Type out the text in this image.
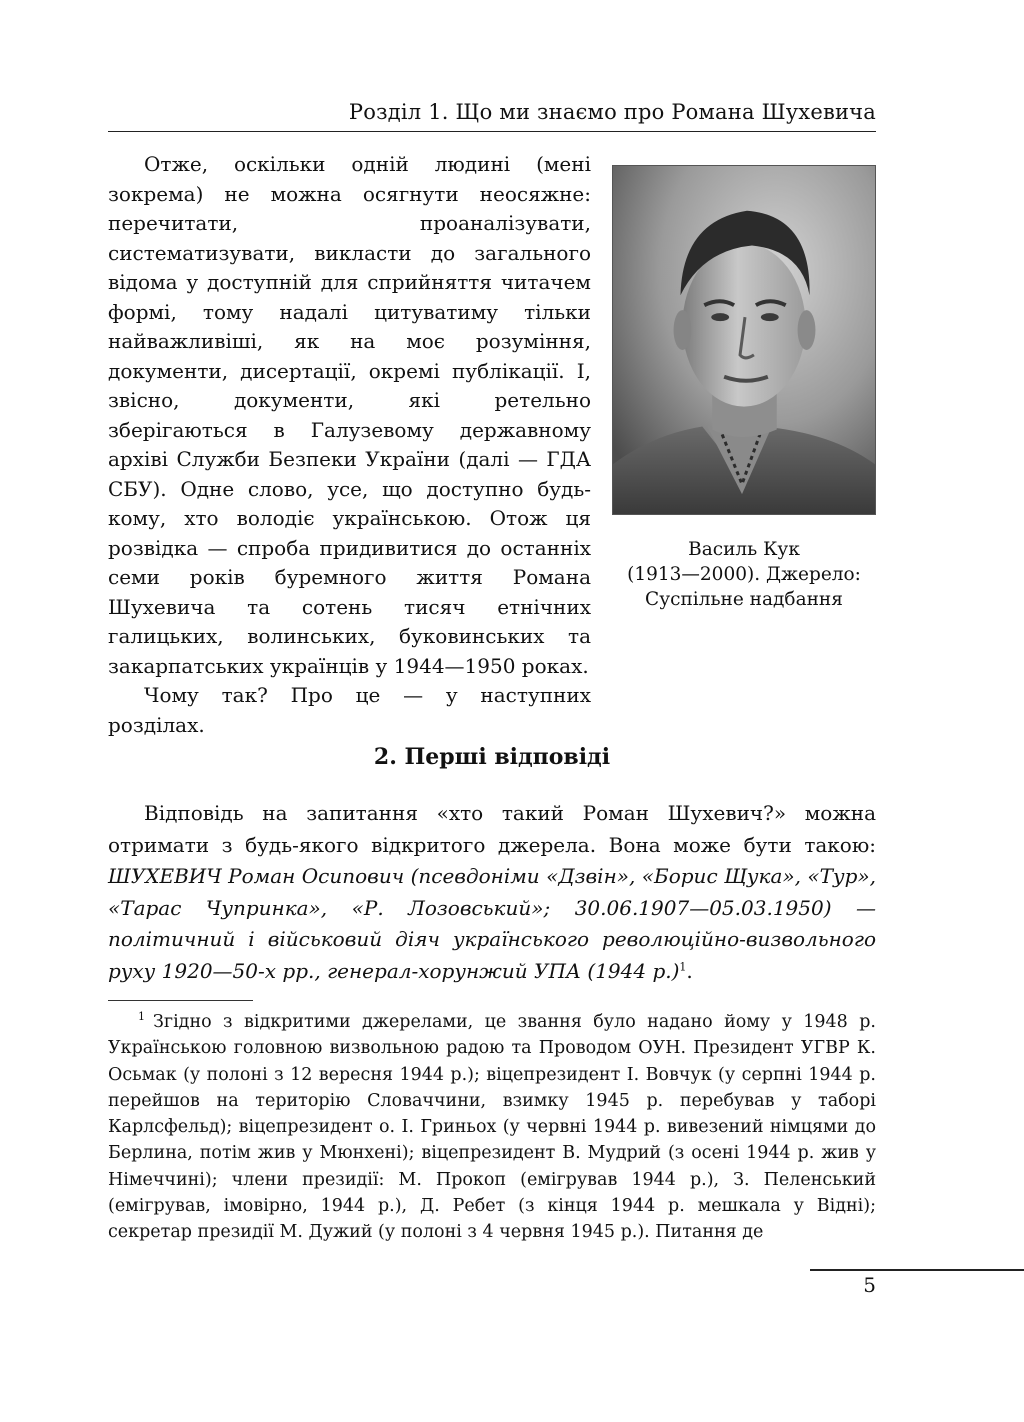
Розділ 1. Що ми знаємо про Романа Шухевича

Отже, оскільки одній людині (мені зокрема) не можна осягнути неосяжне: перечитати, проаналізувати, систематизувати, викласти до загального відома у доступній для сприйняття читачем формі, тому надалі цитуватиму тільки найважливіші, як на моє розуміння, документи, дисертації, окремі публікації. І, звісно, документи, які ретельно зберігаються в Галузевому державному архіві Служби Безпеки України (далі — ГДА СБУ). Одне слово, усе, що доступно будь-кому, хто володіє українською. Отож ця розвідка — спроба придивитися до останніх семи років буремного життя Романа Шухевича та сотень тисяч етнічних галицьких, волинських, буковинських та закарпатських українців у 1944—1950 роках.

Чому так? Про це — у наступних розділах.

Василь Кук
(1913—2000). Джерело:
Суспільне надбання
2. Перші відповіді

Відповідь на запитання «хто такий Роман Шухевич?» можна отримати з будь-якого відкритого джерела. Вона може бути такою: ШУХЕВИЧ Роман Осипович (псевдоніми «Дзвін», «Борис Щука», «Тур», «Тарас Чупринка», «Р. Лозовський»; 30.06.1907—05.03.1950) — політичний і військовий діяч українського революційно-визвольного руху 1920—50-х рр., генерал-хорунжий УПА (1944 р.)$^1$.

$^1$ Згідно з відкритими джерелами, це звання було надано йому у 1948 р. Українською головною визвольною радою та Проводом ОУН. Президент УГВР К. Осьмак (у полоні з 12 вересня 1944 р.); віцепрезидент І. Вовчук (у серпні 1944 р. перейшов на територію Словаччини, взимку 1945 р. перебував у таборі Карлсфельд); віцепрезидент о. І. Гриньох (у червні 1944 р. вивезений німцями до Берлина, потім жив у Мюнхені); віцепрезидент В. Мудрий (з осені 1944 р. жив у Німеччині); члени президії: М. Прокоп (емігрував 1944 р.), З. Пеленський (емігрував, імовірно, 1944 р.), Д. Ребет (з кінця 1944 р. мешкала у Відні); секретар президії М. Дужий (у полоні з 4 червня 1945 р.). Питання де

5
